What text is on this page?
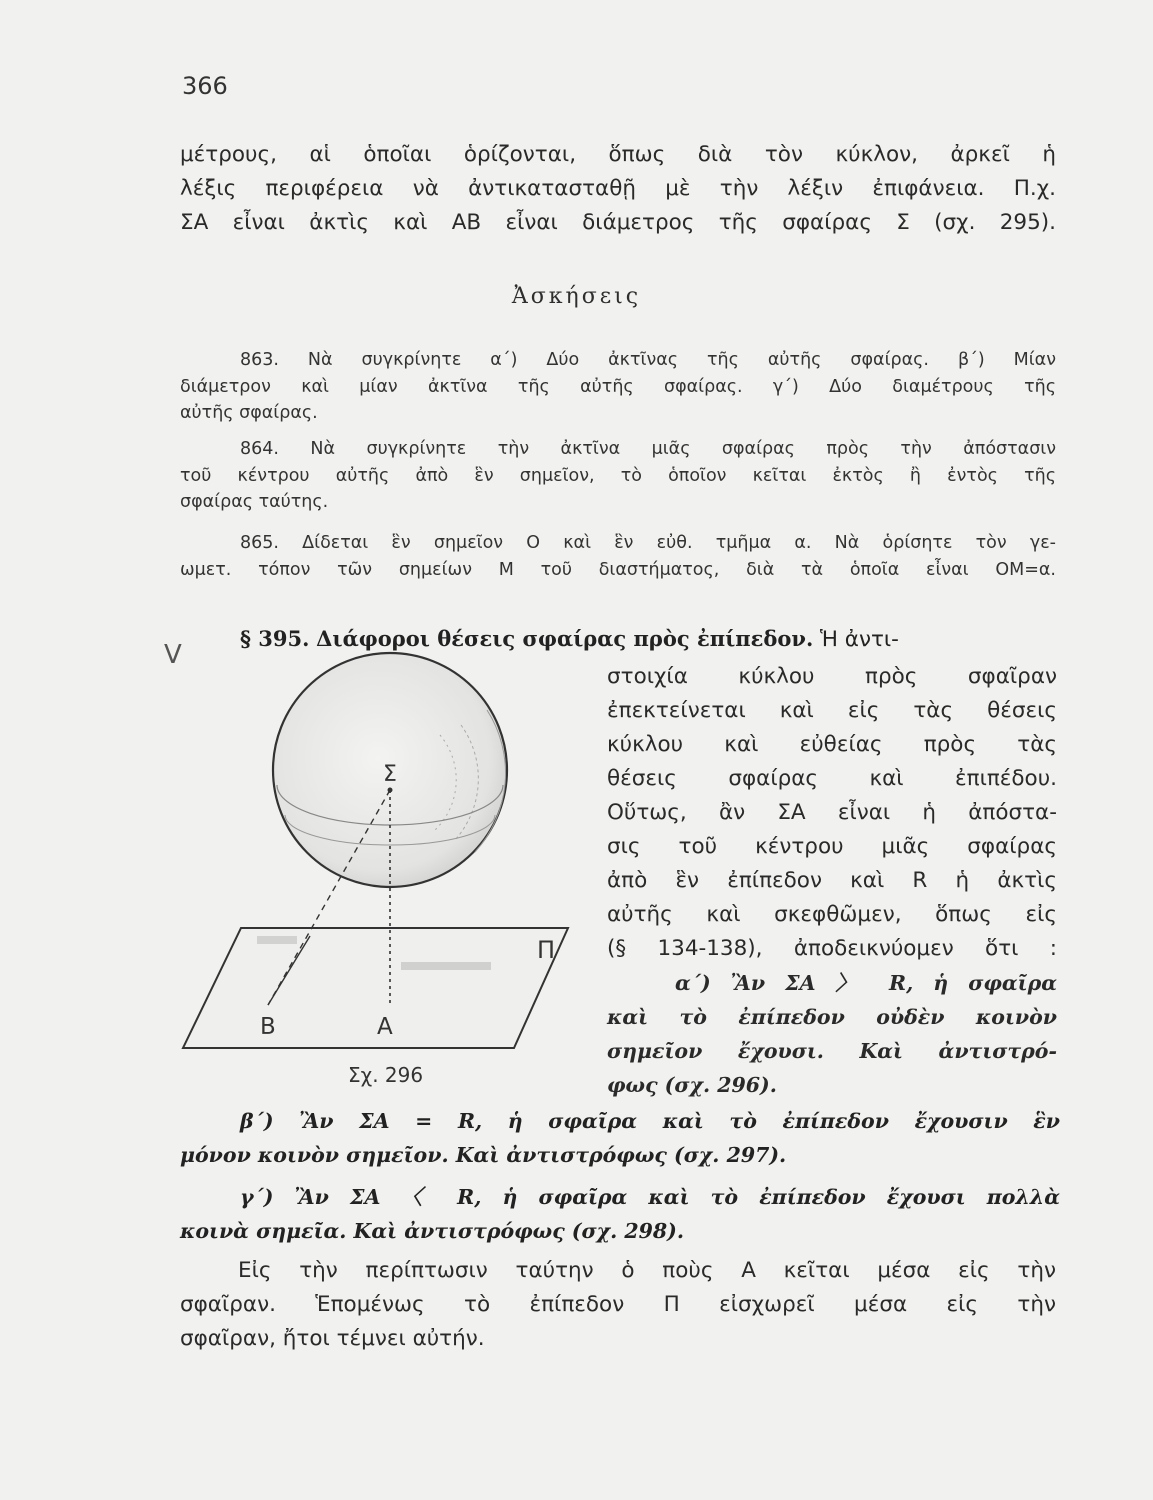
366
μέτρους, αἱ ὁποῖαι ὁρίζονται, ὅπως διὰ τὸν κύκλον, ἀρκεῖ ἡ
λέξις περιφέρεια νὰ ἀντικατασταθῇ μὲ τὴν λέξιν ἐπιφάνεια. Π.χ.
ΣΑ εἶναι ἀκτὶς καὶ ΑΒ εἶναι διάμετρος τῆς σφαίρας Σ (σχ. 295).
Ἀσκήσεις
863. Νὰ συγκρίνητε α΄) Δύο ἀκτῖνας τῆς αὐτῆς σφαίρας. β΄) Μίαν
διάμετρον καὶ μίαν ἀκτῖνα τῆς αὐτῆς σφαίρας. γ΄) Δύο διαμέτρους τῆς
αὐτῆς σφαίρας.
864. Νὰ συγκρίνητε τὴν ἀκτῖνα μιᾶς σφαίρας πρὸς τὴν ἀπόστασιν
τοῦ κέντρου αὐτῆς ἀπὸ ἓν σημεῖον, τὸ ὁποῖον κεῖται ἐκτὸς ἢ ἐντὸς τῆς
σφαίρας ταύτης.
865. Δίδεται ἓν σημεῖον Ο καὶ ἓν εὐθ. τμῆμα α. Νὰ ὁρίσητε τὸν γε-
ωμετ. τόπον τῶν σημείων Μ τοῦ διαστήματος, διὰ τὰ ὁποῖα εἶναι ΟΜ=α.
V
§ 395. Διάφοροι θέσεις σφαίρας πρὸς ἐπίπεδον. Ἡ ἀντι-
Σ
Π
Β	Α
Σχ. 296
στοιχία κύκλου πρὸς σφαῖραν
ἐπεκτείνεται καὶ εἰς τὰς θέσεις
κύκλου καὶ εὐθείας πρὸς τὰς
θέσεις σφαίρας καὶ ἐπιπέδου.
Οὕτως, ἂν ΣΑ εἶναι ἡ ἀπόστα-
σις τοῦ κέντρου μιᾶς σφαίρας
ἀπὸ ἓν ἐπίπεδον καὶ R ἡ ἀκτὶς
αὐτῆς καὶ σκεφθῶμεν, ὅπως εἰς
(§ 134-138), ἀποδεικνύομεν ὅτι :
α΄) Ἂν ΣΑ 〉 R, ἡ σφαῖρα
καὶ τὸ ἐπίπεδον οὐδὲν κοινὸν
σημεῖον ἔχουσι. Καὶ ἀντιστρό-
φως (σχ. 296).
β΄) Ἂν ΣΑ = R, ἡ σφαῖρα καὶ τὸ ἐπίπεδον ἔχουσιν ἓν
μόνον κοινὸν σημεῖον. Καὶ ἀντιστρόφως (σχ. 297).
γ΄) Ἂν ΣΑ 〈 R, ἡ σφαῖρα καὶ τὸ ἐπίπεδον ἔχουσι πολλὰ
κοινὰ σημεῖα. Καὶ ἀντιστρόφως (σχ. 298).
Εἰς τὴν περίπτωσιν ταύτην ὁ ποὺς Α κεῖται μέσα εἰς τὴν
σφαῖραν. Ἑπομένως τὸ ἐπίπεδον Π εἰσχωρεῖ μέσα εἰς τὴν
σφαῖραν, ἤτοι τέμνει αὐτήν.
